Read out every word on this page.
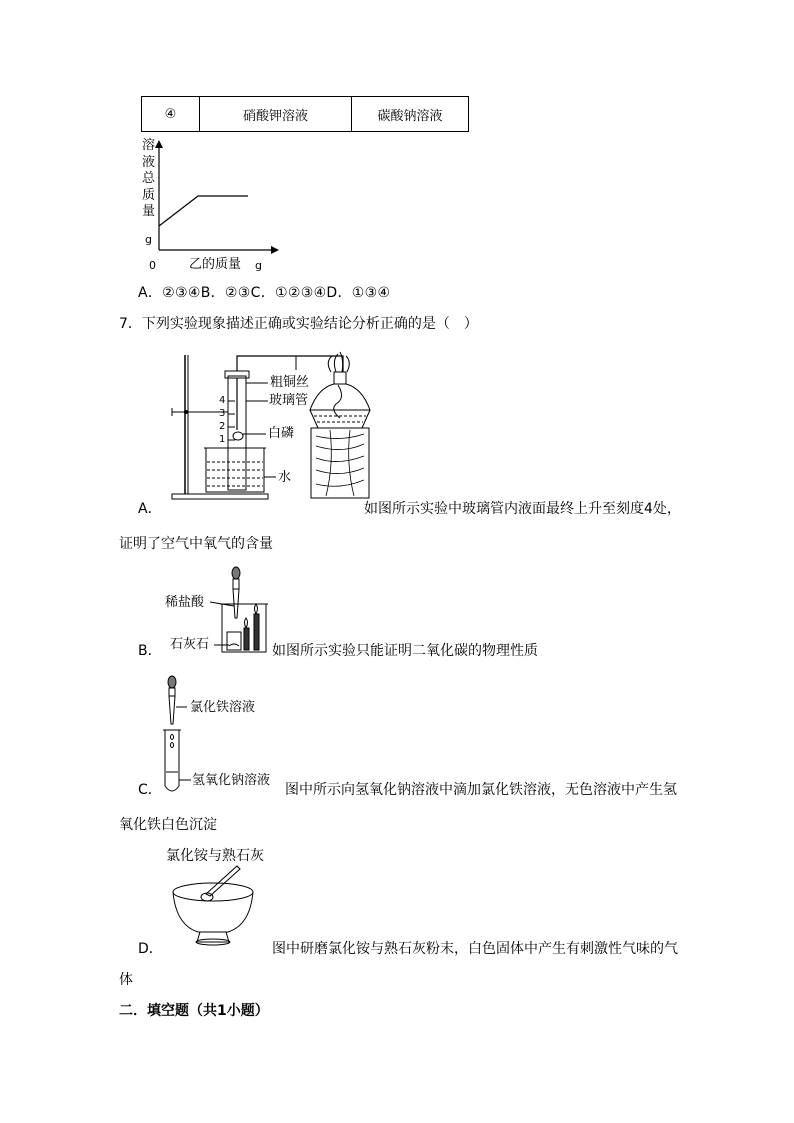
④	硝酸钾溶液	碳酸钠溶液
溶
液
总
质
量
g
0	乙的质量 g
A．②③④B．②③C．①②③④D．①③④
7．下列实验现象描述正确或实验结论分析正确的是（　）
粗铜丝
玻璃管
白磷
水
4
3
2
1
A．	如图所示实验中玻璃管内液面最终上升至刻度4处，
证明了空气中氧气的含量
稀盐酸
石灰石
B．	如图所示实验只能证明二氧化碳的物理性质
氯化铁溶液
氢氧化钠溶液
C．	图中所示向氢氧化钠溶液中滴加氯化铁溶液，无色溶液中产生氢
氧化铁白色沉淀
氯化铵与熟石灰
D．	图中研磨氯化铵与熟石灰粉末，白色固体中产生有刺激性气味的气
体
二．填空题（共1小题）
